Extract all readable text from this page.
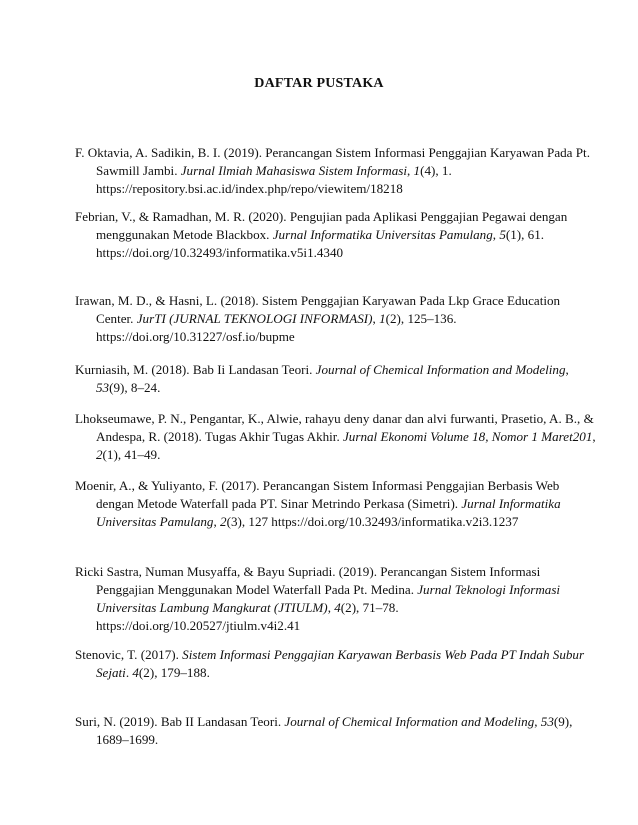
DAFTAR PUSTAKA

F. Oktavia, A. Sadikin, B. I. (2019). Perancangan Sistem Informasi Penggajian Karyawan Pada Pt. Sawmill Jambi. Jurnal Ilmiah Mahasiswa Sistem Informasi, 1(4), 1. https://repository.bsi.ac.id/index.php/repo/viewitem/18218

Febrian, V., & Ramadhan, M. R. (2020). Pengujian pada Aplikasi Penggajian Pegawai dengan menggunakan Metode Blackbox. Jurnal Informatika Universitas Pamulang, 5(1), 61. https://doi.org/10.32493/informatika.v5i1.4340

Irawan, M. D., & Hasni, L. (2018). Sistem Penggajian Karyawan Pada Lkp Grace Education Center. JurTI (JURNAL TEKNOLOGI INFORMASI), 1(2), 125–136. https://doi.org/10.31227/osf.io/bupme

Kurniasih, M. (2018). Bab Ii Landasan Teori. Journal of Chemical Information and Modeling, 53(9), 8–24.

Lhokseumawe, P. N., Pengantar, K., Alwie, rahayu deny danar dan alvi furwanti, Prasetio, A. B., & Andespa, R. (2018). Tugas Akhir Tugas Akhir. Jurnal Ekonomi Volume 18, Nomor 1 Maret201, 2(1), 41–49.

Moenir, A., & Yuliyanto, F. (2017). Perancangan Sistem Informasi Penggajian Berbasis Web dengan Metode Waterfall pada PT. Sinar Metrindo Perkasa (Simetri). Jurnal Informatika Universitas Pamulang, 2(3), 127 https://doi.org/10.32493/informatika.v2i3.1237

Ricki Sastra, Numan Musyaffa, & Bayu Supriadi. (2019). Perancangan Sistem Informasi Penggajian Menggunakan Model Waterfall Pada Pt. Medina. Jurnal Teknologi Informasi Universitas Lambung Mangkurat (JTIULM), 4(2), 71–78. https://doi.org/10.20527/jtiulm.v4i2.41

Stenovic, T. (2017). Sistem Informasi Penggajian Karyawan Berbasis Web Pada PT Indah Subur Sejati. 4(2), 179–188.

Suri, N. (2019). Bab II Landasan Teori. Journal of Chemical Information and Modeling, 53(9), 1689–1699.
